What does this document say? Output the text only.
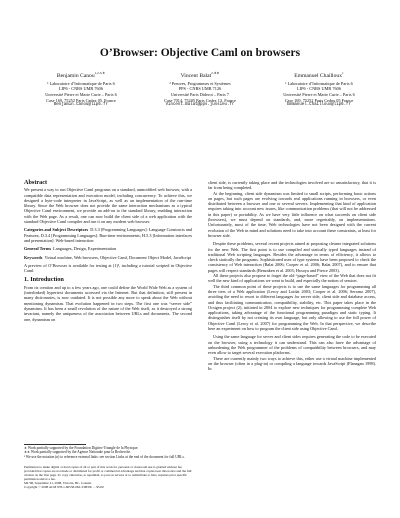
O’Browser: Objective Caml on browsers
Benjamin Canou$^{1,2,3,∗}$
¹ Laboratoire d’Informatique de Paris 6
LIP6 - CNRS UMR 7606
Université Pierre et Marie Curie – Paris 6
Case 169, 75252 Paris Cedex 05, France
Benjamin.Canou@lip6.fr
Vincent Balat$^{2,∗∗}$
² Preuves, Programmes et Systèmes
PPS - CNRS UMR 7126
Université Paris Diderot – Paris 7
Case 7014, 75205 Paris Cedex 13, France
Vincent.Balat@pps.jussieu.fr
Emmanuel Chailloux$^1$
¹ Laboratoire d’Informatique de Paris 6
LIP6 - CNRS UMR 7606
Université Pierre et Marie Curie – Paris 6
Case 169, 75252 Paris Cedex 05 France
Emmanuel.Chailloux@lip6.fr
Abstract

We present a way to run Objective Caml programs on a standard, unmodified web browser, with a compatible data representation and execution model, including concurrency. To achieve this, we designed a byte-code interpreter in JavaScript, as well as an implementation of the run-time library. Since the Web browser does not provide the same interaction mechanisms as a typical Objective Caml environment, we provide an add-on to the standard library, enabling interaction with the Web page. As a result, one can now build the client side of a web application with the standard Objective Caml compiler and run it on any modern web browser.

Categories and Subject Descriptors D.3.3 [Programming Languages]: Language Constructs and Features; D.3.4 [Programming Languages]: Run-time environments; H.5.3 [Information interfaces and presentation]: Web-based interaction
General Terms Languages, Design, Experimentation
Keywords Virtual machine, Web browsers, Objective Caml, Document Object Model, JavaScript

A preview of O’Browser is available for testing at (1)³, including a tutorial scripted in Objective Caml.

1. Introduction

From its creation and up to a few years ago, one could define the World Wide Web as a system of (interlinked) hypertext documents accessed via the Internet. But that definition, still present in many dictionaries, is now outdated. It is not possible any more to speak about the Web without mentioning dynamism. That evolution happened in two steps. The first one was “server side” dynamism. It has been a small revolution of the nature of the Web itself, as it destroyed a strong invariant, namely the uniqueness of the association between URLs and documents. The second one, dynamism on

∗ Work partially supported by the Foundation Digiteo-Triangle de la Physique.
∗∗ Work partially supported by the Agence Nationale pour la Recherche.
³ We use the notation (n) to reference external links: see section Links at the end of the document for full URLs.
Permission to make digital or hard copies of all or part of this work for personal or classroom use is granted without fee provided that copies are not made or distributed for profit or commercial advantage and that copies bear this notice and the full citation on the first page. To copy otherwise, to republish, to post on servers or to redistribute to lists, requires prior specific permission and/or a fee.
ML’08, September 21, 2008, Victoria, BC, Canada.
Copyright © 2008 ACM 978-1-60558-062-3/08/09. . . $5.00

client side, is currently taking place and the technologies involved are so unsatisfactory, that it is far from being completed.

At the beginning, client side dynamism was limited to small scripts, performing basic actions on pages, but such pages are evolving towards real applications running in browsers, or even distributed between a browser and one or several servers. Implementing that kind of application requires taking into account new issues, like communication problems (that will not be addressed in this paper) or portability. As we have very little influence on what succeeds on client side (browsers), we must depend on standards, and, more regrettably, on implementations. Unfortunately, most of the time, Web technologies have not been designed with the current evolution of the Web in mind and solutions need to take into account these constraints, at least for browser side.

Despite these problems, several recent projects aimed at proposing cleaner integrated solutions for the new Web. The first point is to use compiled and statically typed languages instead of traditional Web scripting languages. Besides the advantage in terms of efficiency, it allows to check statically the programs. Sophisticated uses of type systems have been proposed to check the consistency of Web interaction (Balat 2006; Cooper et al. 2006; Balat 2007), and to ensure that pages will respect standards (Benzaken et al. 2003; Hosoya and Pierce 2003).

All these projects also propose to forget the old “page-based” view of the Web that does not fit well the new kind of applications we want to build, and especially the notion of session.

The third common point of these projects is to use the same languages for programming all three tiers of a Web application (Leroy and Loidat 2003; Cooper et al. 2006; Serrano 2007), avoiding the need to resort to different languages for server side, client side and database access, and thus facilitating communication, compatibility, stability, etc. This paper takes place in the Ocsigen project (2), initiated in 2004 to explore new techniques for programming complete Web applications, taking advantage of the functional programming paradigm and static typing. It distinguishes itself by not creating its own language, but only allowing to use the full power of Objective Caml (Leroy et al. 2007) for programming the Web. In that perspective, we describe here an experiment on how to program the client side using Objective Caml.

Using the same language for server and client sides requires generating the code to be executed on the browser, using a technology it can understand. This can also have the advantage of unburdening the Web programmer of the problems of compatibility between browsers, and may even allow to target several execution platforms.

There are currently mainly two ways to achieve this, either use a virtual machine implemented on the browser (often in a plug-in) or compiling a language towards JavaScript (Flanagan 1998). In
